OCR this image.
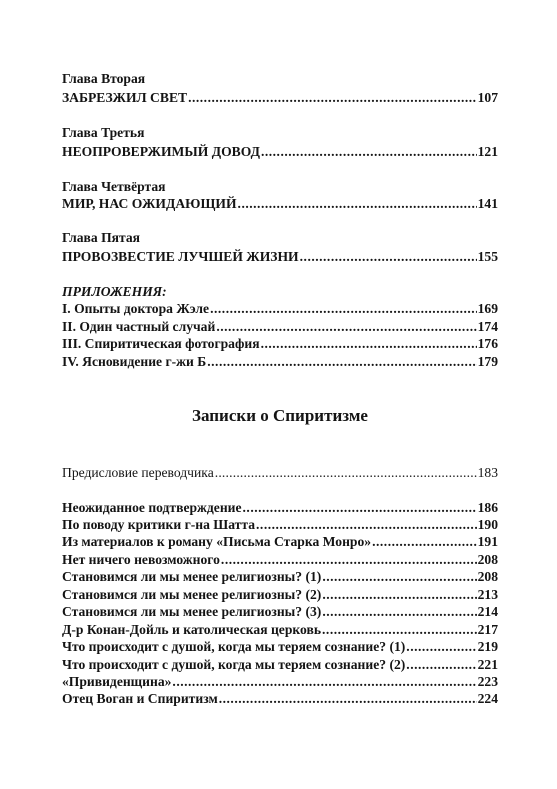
Глава Вторая
ЗАБРЕЗЖИЛ СВЕТ .....	107
Глава Третья
НЕОПРОВЕРЖИМЫЙ ДОВОД .....	121
Глава Четвёртая
МИР, НАС ОЖИДАЮЩИЙ .....	141
Глава Пятая
ПРОВОЗВЕСТИЕ ЛУЧШЕЙ ЖИЗНИ .....	155
ПРИЛОЖЕНИЯ:
I. Опыты доктора Жэле .....	169
II. Один частный случай .....	174
III. Спиритическая фотография .....	176
IV. Ясновидение г-жи Б .....	179
Записки о Спиритизме
Предисловие переводчика .....	183
Неожиданное подтверждение .....	186
По поводу критики г-на Шатта .....	190
Из материалов к роману «Письма Старка Монро» .....	191
Нет ничего невозможного .....	208
Становимся ли мы менее религиозны? (1) .....	208
Становимся ли мы менее религиозны? (2) .....	213
Становимся ли мы менее религиозны? (3) .....	214
Д-р Конан-Дойль и католическая церковь .....	217
Что происходит с душой, когда мы теряем сознание? (1) .....	219
Что происходит с душой, когда мы теряем сознание? (2) .....	221
«Привиденщина» .....	223
Отец Воган и Спиритизм .....	224
